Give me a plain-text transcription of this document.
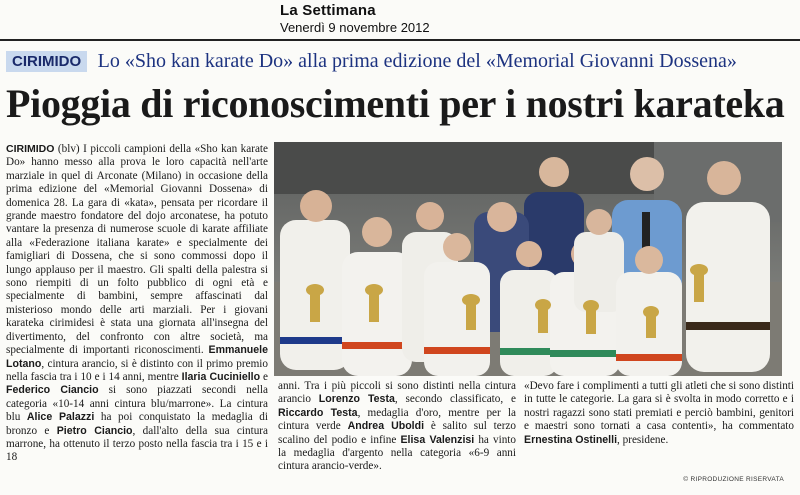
La Settimana
Venerdì 9 novembre 2012
CIRIMIDO Lo «Sho kan karate Do» alla prima edizione del «Memorial Giovanni Dossena»
Pioggia di riconoscimenti per i nostri karateka
CIRIMIDO (blv) I piccoli campioni della «Sho kan karate Do» hanno messo alla prova le loro capacità nell'arte marziale in quel di Arconate (Milano) in occasione della prima edizione del «Memorial Giovanni Dossena» di domenica 28. La gara di «kata», pensata per ricordare il grande maestro fondatore del dojo arconatese, ha potuto vantare la presenza di numerose scuole di karate affiliate alla «Federazione italiana karate» e specialmente dei famigliari di Dossena, che si sono commossi dopo il lungo applauso per il maestro. Gli spalti della palestra si sono riempiti di un folto pubblico di ogni età e specialmente di bambini, sempre affascinati dal misterioso mondo delle arti marziali. Per i giovani karateka cirimidesi è stata una giornata all'insegna del divertimento, del confronto con altre società, ma specialmente di importanti riconoscimenti. Emmanuele Lotano, cintura arancio, si è distinto con il primo premio nella fascia tra i 10 e i 14 anni, mentre Ilaria Cuciniello e Federico Ciancio si sono piazzati secondi nella categoria «10-14 anni cintura blu/marrone». La cintura blu Alice Palazzi ha poi conquistato la medaglia di bronzo e Pietro Ciancio, dall'alto della sua cintura marrone, ha ottenuto il terzo posto nella fascia tra i 15 e i 18
anni. Tra i più piccoli si sono distinti nella cintura arancio Lorenzo Testa, secondo classificato, e Riccardo Testa, medaglia d'oro, mentre per la cintura verde Andrea Uboldi è salito sul terzo scalino del podio e infine Elisa Valenzisi ha vinto la medaglia d'argento nella categoria «6-9 anni cintura arancio-verde».
«Devo fare i complimenti a tutti gli atleti che si sono distinti in tutte le categorie. La gara si è svolta in modo corretto e i nostri ragazzi sono stati premiati e perciò bambini, genitori e maestri sono tornati a casa contenti», ha commentato Ernestina Ostinelli, presidene.
© RIPRODUZIONE RISERVATA
